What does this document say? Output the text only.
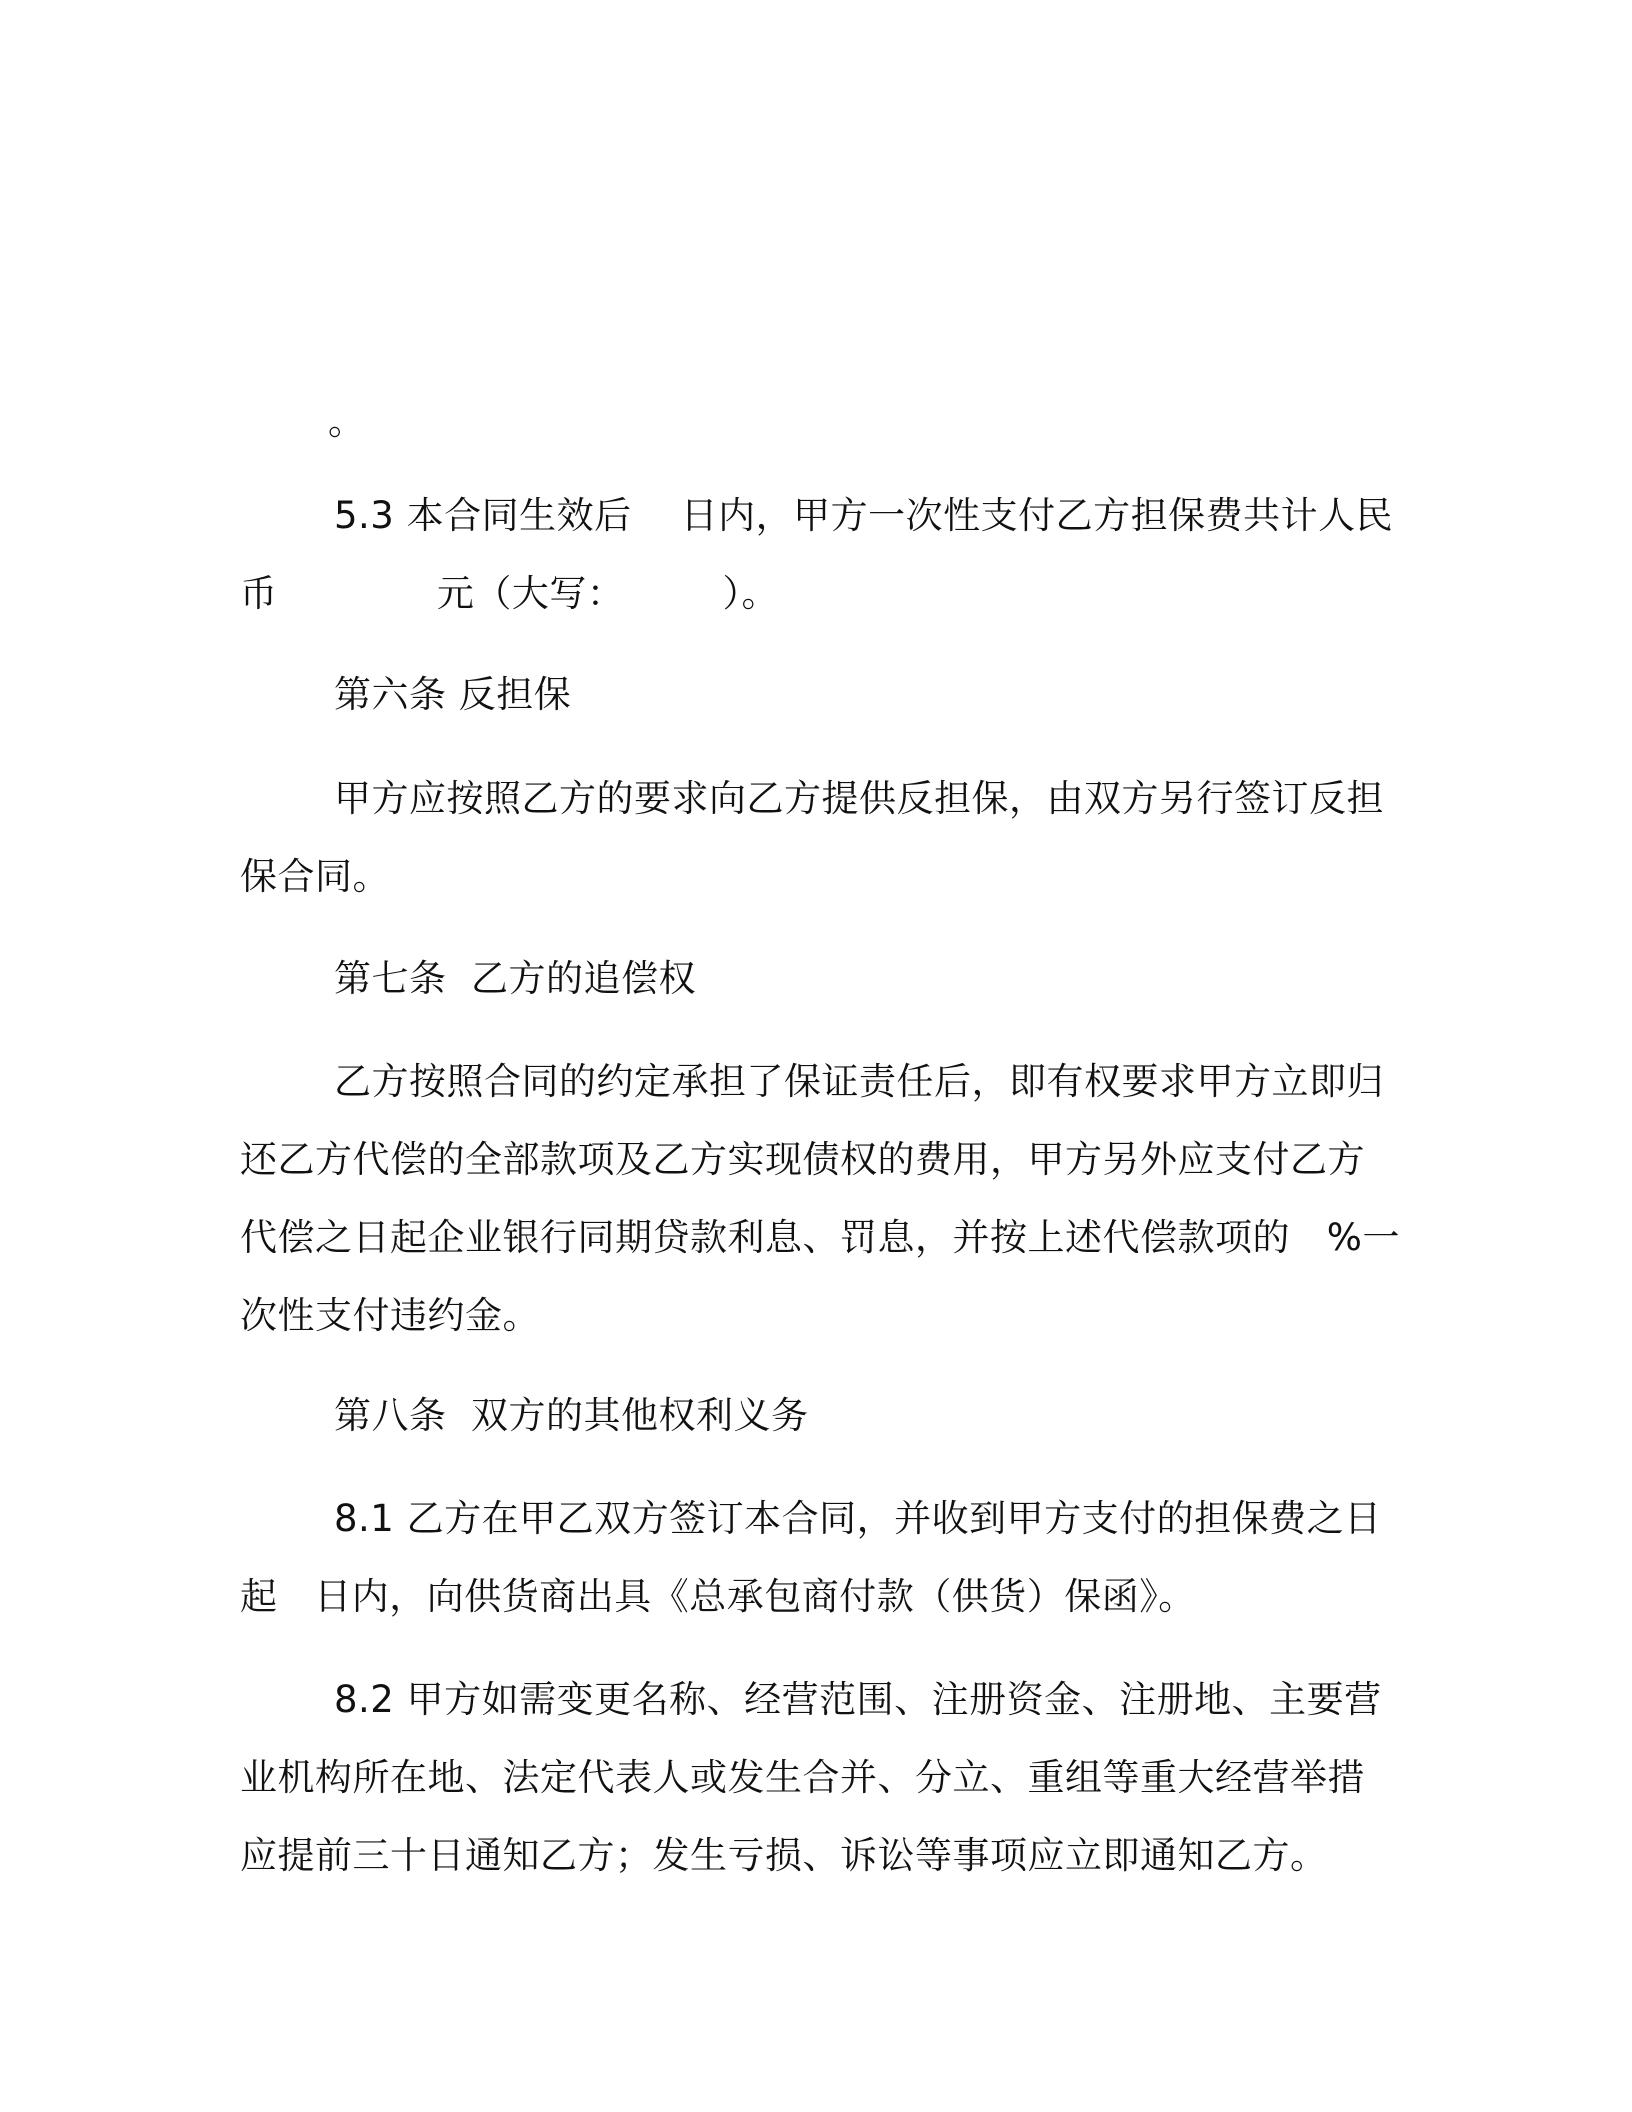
。
5.3 本合同生效后    日内，甲方一次性支付乙方担保费共计人民
币             元（大写：        ）。
第六条 反担保
甲方应按照乙方的要求向乙方提供反担保，由双方另行签订反担
保合同。
第七条  乙方的追偿权
乙方按照合同的约定承担了保证责任后，即有权要求甲方立即归
还乙方代偿的全部款项及乙方实现债权的费用，甲方另外应支付乙方
代偿之日起企业银行同期贷款利息、罚息，并按上述代偿款项的   %一
次性支付违约金。
第八条  双方的其他权利义务
8.1 乙方在甲乙双方签订本合同，并收到甲方支付的担保费之日
起   日内，向供货商出具《总承包商付款（供货）保函》。
8.2 甲方如需变更名称、经营范围、注册资金、注册地、主要营
业机构所在地、法定代表人或发生合并、分立、重组等重大经营举措
应提前三十日通知乙方；发生亏损、诉讼等事项应立即通知乙方。
